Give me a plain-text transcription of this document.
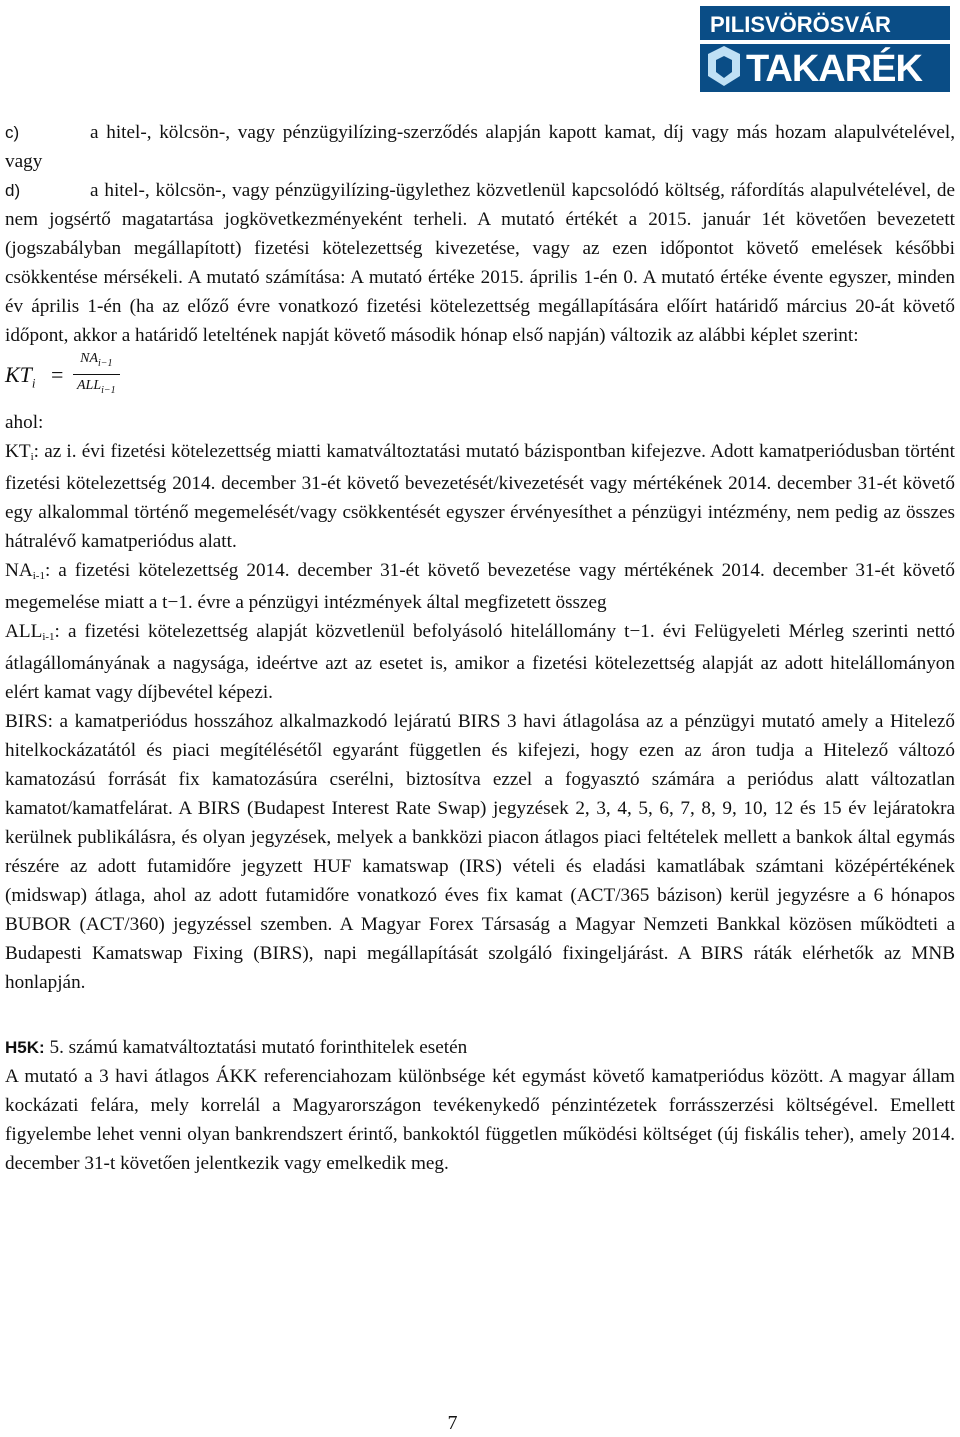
PILISVÖRÖSVÁR
TAKARÉK
c)	a hitel-, kölcsön-, vagy pénzügyilízing-szerződés alapján kapott kamat, díj vagy más hozam alapulvételével, vagy
d)	a hitel-, kölcsön-, vagy pénzügyilízing-ügylethez közvetlenül kapcsolódó költség, ráfordítás alapulvételével, de nem jogsértő magatartása jogkövetkezményeként terheli. A mutató értékét a 2015. január 1ét követően bevezetett (jogszabályban megállapított) fizetési kötelezettség kivezetése, vagy az ezen időpontot követő emelések későbbi csökkentése mérsékeli. A mutató számítása: A mutató értéke 2015. április 1-én 0. A mutató értéke évente egyszer, minden év április 1-én (ha az előző évre vonatkozó fizetési kötelezettség megállapítására előírt határidő március 20-át követő időpont, akkor a határidő leteltének napját követő második hónap első napján) változik az alábbi képlet szerint:
$KT_i$ =
$NA_{i-1}$
$ALL_{i-1}$

ahol:

KTi: az i. évi fizetési kötelezettség miatti kamatváltoztatási mutató bázispontban kifejezve. Adott kamatperiódusban történt fizetési kötelezettség 2014. december 31-ét követő bevezetését/kivezetését vagy mértékének 2014. december 31-ét követő egy alkalommal történő megemelését/vagy csökkentését egyszer érvényesíthet a pénzügyi intézmény, nem pedig az összes hátralévő kamatperiódus alatt.

NAi-1: a fizetési kötelezettség 2014. december 31-ét követő bevezetése vagy mértékének 2014. december 31-ét követő megemelése miatt a t−1. évre a pénzügyi intézmények által megfizetett összeg

ALLi-1: a fizetési kötelezettség alapját közvetlenül befolyásoló hitelállomány t−1. évi Felügyeleti Mérleg szerinti nettó átlagállományának a nagysága, ideértve azt az esetet is, amikor a fizetési kötelezettség alapját az adott hitelállományon elért kamat vagy díjbevétel képezi.

BIRS: a kamatperiódus hosszához alkalmazkodó lejáratú BIRS 3 havi átlagolása az a pénzügyi mutató amely a Hitelező hitelkockázatától és piaci megítélésétől egyaránt független és kifejezi, hogy ezen az áron tudja a Hitelező változó kamatozású forrását fix kamatozásúra cserélni, biztosítva ezzel a fogyasztó számára a periódus alatt változatlan kamatot/kamatfelárat. A BIRS (Budapest Interest Rate Swap) jegyzések 2, 3, 4, 5, 6, 7, 8, 9, 10, 12 és 15 év lejáratokra kerülnek publikálásra, és olyan jegyzések, melyek a bankközi piacon átlagos piaci feltételek mellett a bankok által egymás részére az adott futamidőre jegyzett HUF kamatswap (IRS) vételi és eladási kamatlábak számtani középértékének (midswap) átlaga, ahol az adott futamidőre vonatkozó éves fix kamat (ACT/365 bázison) kerül jegyzésre a 6 hónapos BUBOR (ACT/360) jegyzéssel szemben. A Magyar Forex Társaság a Magyar Nemzeti Bankkal közösen működteti a Budapesti Kamatswap Fixing (BIRS), napi megállapítását szolgáló fixingeljárást. A BIRS ráták elérhetők az MNB honlapján.

H5K: 5. számú kamatváltoztatási mutató forinthitelek esetén

A mutató a 3 havi átlagos ÁKK referenciahozam különbsége két egymást követő kamatperiódus között. A magyar állam kockázati felára, mely korrelál a Magyarországon tevékenykedő pénzintézetek forrásszerzési költségével. Emellett figyelembe lehet venni olyan bankrendszert érintő, bankoktól független működési költséget (új fiskális teher), amely 2014. december 31-t követően jelentkezik vagy emelkedik meg.

7
